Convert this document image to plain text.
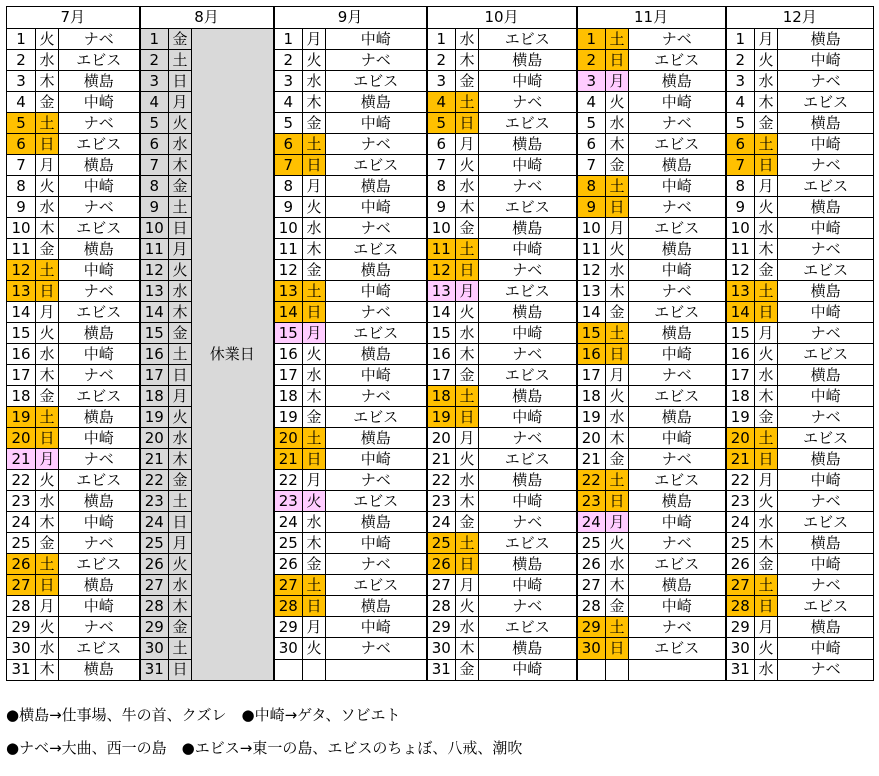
7月			8月			9月			10月			11月			12月		
1	火	ナベ	1	金	休業日	1	月	中崎	1	水	エビス	1	土	ナベ	1	月	横島
2	水	エビス	2	土		2	火	ナベ	2	木	横島	2	日	エビス	2	火	中崎
3	木	横島	3	日		3	水	エビス	3	金	中崎	3	月	横島	3	水	ナベ
4	金	中崎	4	月		4	木	横島	4	土	ナベ	4	火	中崎	4	木	エビス
5	土	ナベ	5	火		5	金	中崎	5	日	エビス	5	水	ナベ	5	金	横島
6	日	エビス	6	水		6	土	ナベ	6	月	横島	6	木	エビス	6	土	中崎
7	月	横島	7	木		7	日	エビス	7	火	中崎	7	金	横島	7	日	ナベ
8	火	中崎	8	金		8	月	横島	8	水	ナベ	8	土	中崎	8	月	エビス
9	水	ナベ	9	土		9	火	中崎	9	木	エビス	9	日	ナベ	9	火	横島
10	木	エビス	10	日		10	水	ナベ	10	金	横島	10	月	エビス	10	水	中崎
11	金	横島	11	月		11	木	エビス	11	土	中崎	11	火	横島	11	木	ナベ
12	土	中崎	12	火		12	金	横島	12	日	ナベ	12	水	中崎	12	金	エビス
13	日	ナベ	13	水		13	土	中崎	13	月	エビス	13	木	ナベ	13	土	横島
14	月	エビス	14	木		14	日	ナベ	14	火	横島	14	金	エビス	14	日	中崎
15	火	横島	15	金		15	月	エビス	15	水	中崎	15	土	横島	15	月	ナベ
16	水	中崎	16	土		16	火	横島	16	木	ナベ	16	日	中崎	16	火	エビス
17	木	ナベ	17	日		17	水	中崎	17	金	エビス	17	月	ナベ	17	水	横島
18	金	エビス	18	月		18	木	ナベ	18	土	横島	18	火	エビス	18	木	中崎
19	土	横島	19	火		19	金	エビス	19	日	中崎	19	水	横島	19	金	ナベ
20	日	中崎	20	水		20	土	横島	20	月	ナベ	20	木	中崎	20	土	エビス
21	月	ナベ	21	木		21	日	中崎	21	火	エビス	21	金	ナベ	21	日	横島
22	火	エビス	22	金		22	月	ナベ	22	水	横島	22	土	エビス	22	月	中崎
23	水	横島	23	土		23	火	エビス	23	木	中崎	23	日	横島	23	火	ナベ
24	木	中崎	24	日		24	水	横島	24	金	ナベ	24	月	中崎	24	水	エビス
25	金	ナベ	25	月		25	木	中崎	25	土	エビス	25	火	ナベ	25	木	横島
26	土	エビス	26	火		26	金	ナベ	26	日	横島	26	水	エビス	26	金	中崎
27	日	横島	27	水		27	土	エビス	27	月	中崎	27	木	横島	27	土	ナベ
28	月	中崎	28	木		28	日	横島	28	火	ナベ	28	金	中崎	28	日	エビス
29	火	ナベ	29	金		29	月	中崎	29	水	エビス	29	土	ナベ	29	月	横島
30	水	エビス	30	土		30	火	ナベ	30	木	横島	30	日	エビス	30	火	中崎
31	木	横島	31	日					31	金	中崎				31	水	ナベ
●横島→仕事場、牛の首、クズレ　●中崎→ゲタ、ソビエト
●ナベ→大曲、西一の島　●エビス→東一の島、エビスのちょぼ、八戒、潮吹
